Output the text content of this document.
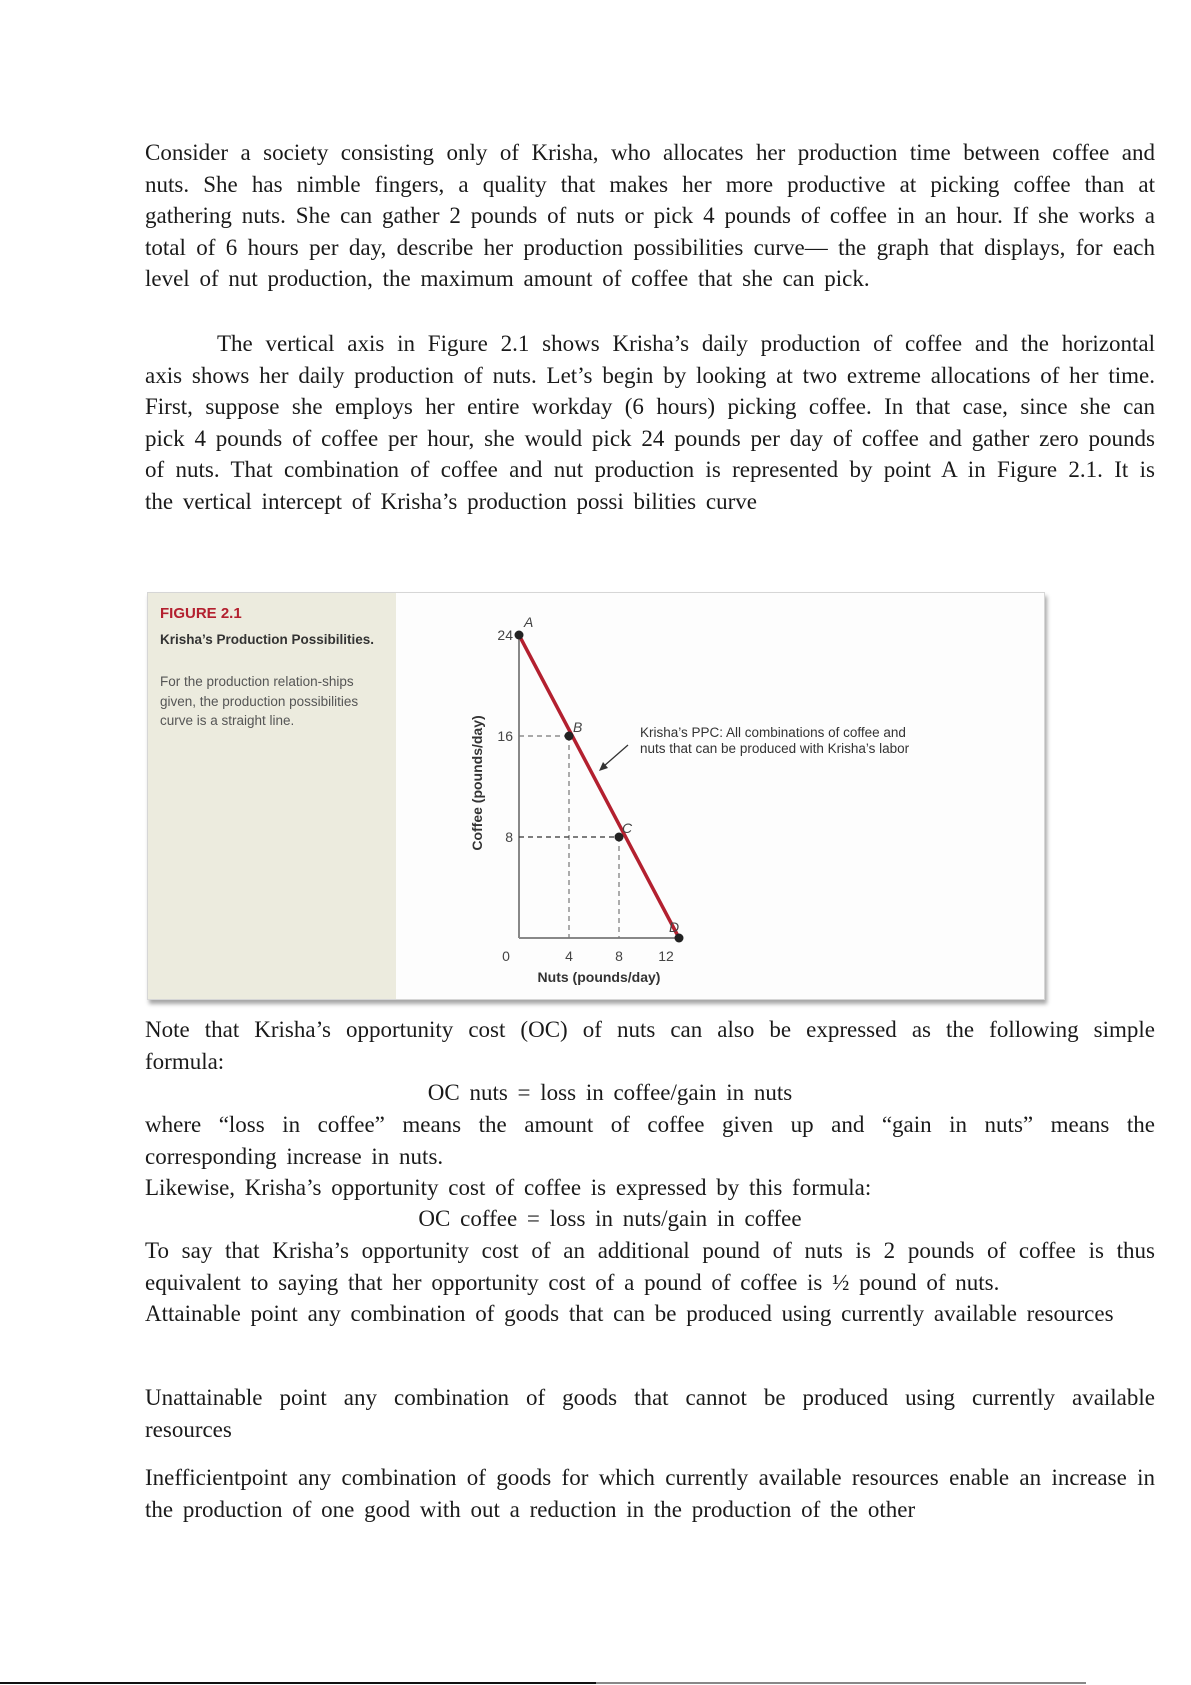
Consider a society consisting only of Krisha, who allocates her production time between coffee and nuts. She has nimble fingers, a quality that makes her more productive at picking coffee than at gathering nuts. She can gather 2 pounds of nuts or pick 4 pounds of coffee in an hour. If she works a total of 6 hours per day, describe her production possibilities curve— the graph that displays, for each level of nut production, the maximum amount of coffee that she can pick.

The vertical axis in Figure 2.1 shows Krisha’s daily production of coffee and the horizontal axis shows her daily production of nuts. Let’s begin by looking at two extreme allocations of her time. First, suppose she employs her entire workday (6 hours) picking coffee. In that case, since she can pick 4 pounds of coffee per hour, she would pick 24 pounds per day of coffee and gather zero pounds of nuts. That combination of coffee and nut production is represented by point A in Figure 2.1. It is the vertical intercept of Krisha’s production possi bilities curve

FIGURE 2.1
Krisha’s Production Possibilities.
For the production relation-ships given, the production possibilities curve is a straight line.
A
B
C
D
24
16
8
0	4	8	12
Nuts (pounds/day)
Coffee (pounds/day)	Krisha’s PPC: All combinations of coffee and
nuts that can be produced with Krisha’s labor

Note that Krisha’s opportunity cost (OC) of nuts can also be expressed as the following simple formula:

OC nuts = loss in coffee/gain in nuts

where “loss in coffee” means the amount of coffee given up and “gain in nuts” means the corresponding increase in nuts.

Likewise, Krisha’s opportunity cost of coffee is expressed by this formula:

OC coffee = loss in nuts/gain in coffee

To say that Krisha’s opportunity cost of an additional pound of nuts is 2 pounds of coffee is thus equivalent to saying that her opportunity cost of a pound of coffee is ½ pound of nuts.

Attainable point any combination of goods that can be produced using currently available resources

Unattainable point any combination of goods that cannot be produced using currently available resources

Inefficientpoint any combination of goods for which currently available resources enable an increase in the production of one good with out a reduction in the production of the other
